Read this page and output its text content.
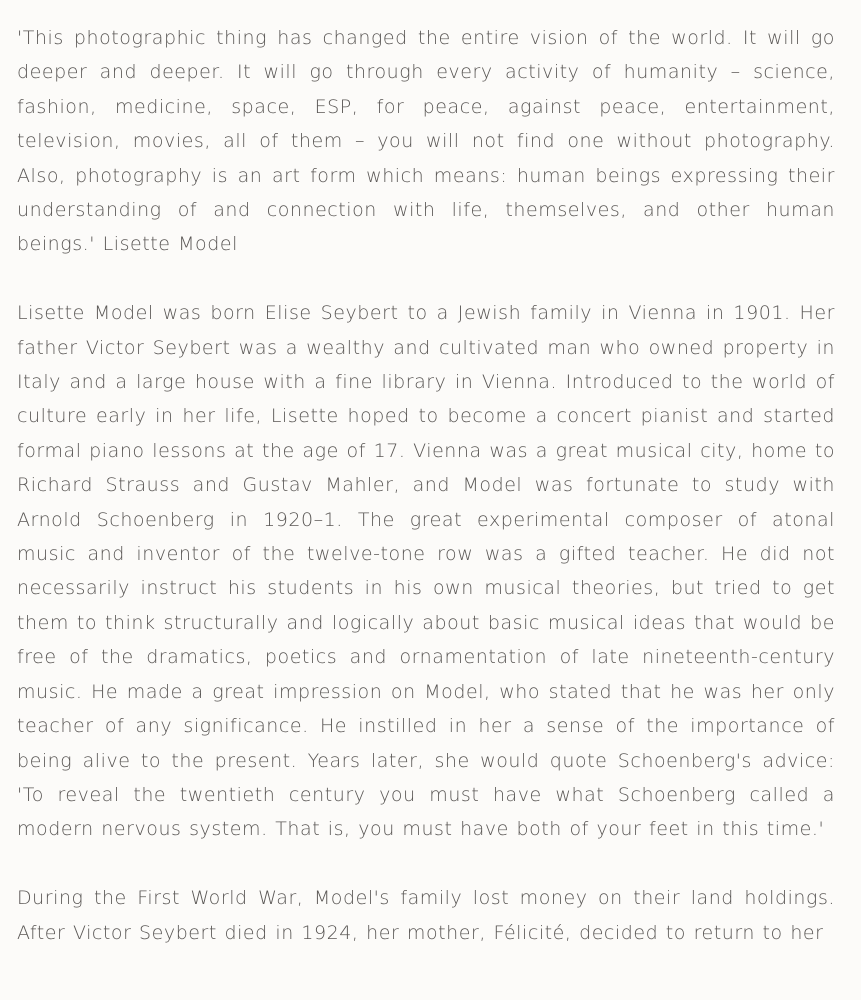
'This photographic thing has changed the entire vision of the world. It will go deeper and deeper. It will go through every activity of humanity – science, fashion, medicine, space, ESP, for peace, against peace, entertainment, television, movies, all of them – you will not find one without photography. Also, photography is an art form which means: human beings expressing their understanding of and connection with life, themselves, and other human beings.' Lisette Model

Lisette Model was born Elise Seybert to a Jewish family in Vienna in 1901. Her father Victor Seybert was a wealthy and cultivated man who owned property in Italy and a large house with a fine library in Vienna. Introduced to the world of culture early in her life, Lisette hoped to become a concert pianist and started formal piano lessons at the age of 17. Vienna was a great musical city, home to Richard Strauss and Gustav Mahler, and Model was fortunate to study with Arnold Schoenberg in 1920–1. The great experimental composer of atonal music and inventor of the twelve-tone row was a gifted teacher. He did not necessarily instruct his students in his own musical theories, but tried to get them to think structurally and logically about basic musical ideas that would be free of the dramatics, poetics and ornamentation of late nineteenth-century music. He made a great impression on Model, who stated that he was her only teacher of any significance. He instilled in her a sense of the importance of being alive to the present. Years later, she would quote Schoenberg's advice: 'To reveal the twentieth century you must have what Schoenberg called a modern nervous system. That is, you must have both of your feet in this time.'

During the First World War, Model's family lost money on their land holdings. After Victor Seybert died in 1924, her mother, Félicité, decided to return to her
